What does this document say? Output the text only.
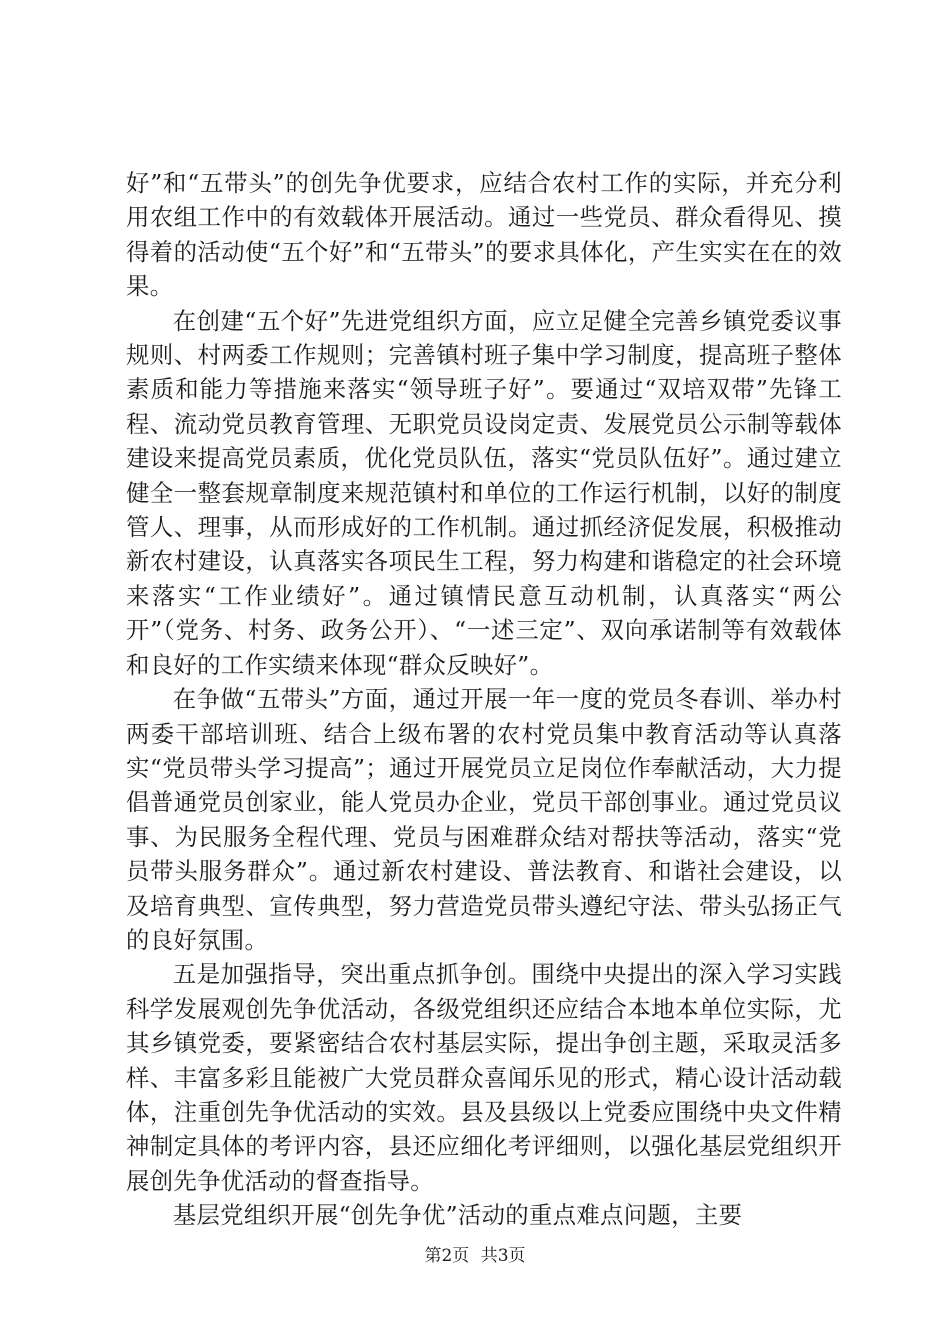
好”和“五带头”的创先争优要求，应结合农村工作的实际，并充分利用农组工作中的有效载体开展活动。通过一些党员、群众看得见、摸得着的活动使“五个好”和“五带头”的要求具体化，产生实实在在的效果。

在创建“五个好”先进党组织方面，应立足健全完善乡镇党委议事规则、村两委工作规则；完善镇村班子集中学习制度，提高班子整体素质和能力等措施来落实“领导班子好”。要通过“双培双带”先锋工程、流动党员教育管理、无职党员设岗定责、发展党员公示制等载体建设来提高党员素质，优化党员队伍，落实“党员队伍好”。通过建立健全一整套规章制度来规范镇村和单位的工作运行机制，以好的制度管人、理事，从而形成好的工作机制。通过抓经济促发展，积极推动新农村建设，认真落实各项民生工程，努力构建和谐稳定的社会环境来落实“工作业绩好”。通过镇情民意互动机制，认真落实“两公开”（党务、村务、政务公开）、“一述三定”、双向承诺制等有效载体和良好的工作实绩来体现“群众反映好”。

在争做“五带头”方面，通过开展一年一度的党员冬春训、举办村两委干部培训班、结合上级布署的农村党员集中教育活动等认真落实“党员带头学习提高”；通过开展党员立足岗位作奉献活动，大力提倡普通党员创家业，能人党员办企业，党员干部创事业。通过党员议事、为民服务全程代理、党员与困难群众结对帮扶等活动，落实“党员带头服务群众”。通过新农村建设、普法教育、和谐社会建设，以及培育典型、宣传典型，努力营造党员带头遵纪守法、带头弘扬正气的良好氛围。

五是加强指导，突出重点抓争创。围绕中央提出的深入学习实践科学发展观创先争优活动，各级党组织还应结合本地本单位实际，尤其乡镇党委，要紧密结合农村基层实际，提出争创主题，采取灵活多样、丰富多彩且能被广大党员群众喜闻乐见的形式，精心设计活动载体，注重创先争优活动的实效。县及县级以上党委应围绕中央文件精神制定具体的考评内容，县还应细化考评细则，以强化基层党组织开展创先争优活动的督查指导。

基层党组织开展“创先争优”活动的重点难点问题，主要

第2页 共3页
